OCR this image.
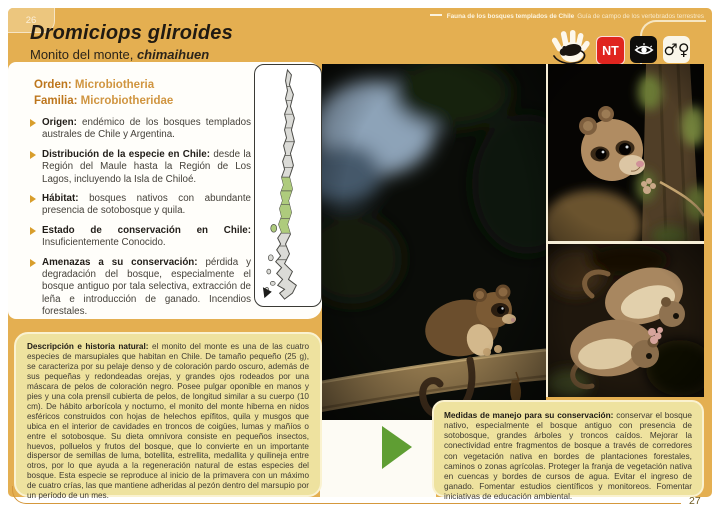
26	Fauna de los bosques templados de Chile Guía de campo de los vertebrados terrestres
Dromiciops gliroides
Monito del monte, chimaihuen	NT	♂♀
Orden: Microbiotheria
Familia: Microbiotheridae
Origen: endémico de los bosques templados australes de Chile y Argentina.
Distribución de la especie en Chile: desde la Región del Maule hasta la Región de Los Lagos, incluyendo la Isla de Chiloé.
Hábitat: bosques nativos con abundante presencia de sotobosque y quila.
Estado de conservación en Chile: Insuficientemente Conocido.
Amenazas a su conservación: pérdida y degradación del bosque, especialmente el bosque antiguo por tala selectiva, extracción de leña e introducción de ganado. Incendios forestales.

Descripción e historia natural: el monito del monte es una de las cuatro especies de marsupiales que habitan en Chile. De tamaño pequeño (25 g), se caracteriza por su pelaje denso y de coloración pardo oscuro, además de sus pequeñas y redondeadas orejas, y grandes ojos rodeados por una máscara de pelos de coloración negro. Posee pulgar oponible en manos y pies y una cola prensil cubierta de pelos, de longitud similar a su cuerpo (10 cm). De hábito arborícola y nocturno, el monito del monte hiberna en nidos esféricos construidos con hojas de helechos epífitos, quila y musgos que ubica en el interior de cavidades en troncos de coigües, lumas y mañíos o entre el sotobosque. Su dieta omnívora consiste en pequeños insectos, huevos, polluelos y frutos del bosque, que lo convierte en un importante dispersor de semillas de luma, botellita, estrellita, medallita y quilineja entre otros, por lo que ayuda a la regeneración natural de estas especies del bosque. Esta especie se reproduce al inicio de la primavera con un máximo de cuatro crías, las que mantiene adheridas al pezón dentro del marsupio por un período de un mes.

Medidas de manejo para su conservación: conservar el bosque nativo, especialmente el bosque antiguo con presencia de sotobosque, grandes árboles y troncos caídos. Mejorar la conectividad entre fragmentos de bosque a través de corredores con vegetación nativa en bordes de plantaciones forestales, caminos o zonas agrícolas. Proteger la franja de vegetación nativa en cuencas y bordes de cursos de agua. Evitar el ingreso de ganado. Fomentar estudios científicos y monitoreos. Fomentar iniciativas de educación ambiental.	27
